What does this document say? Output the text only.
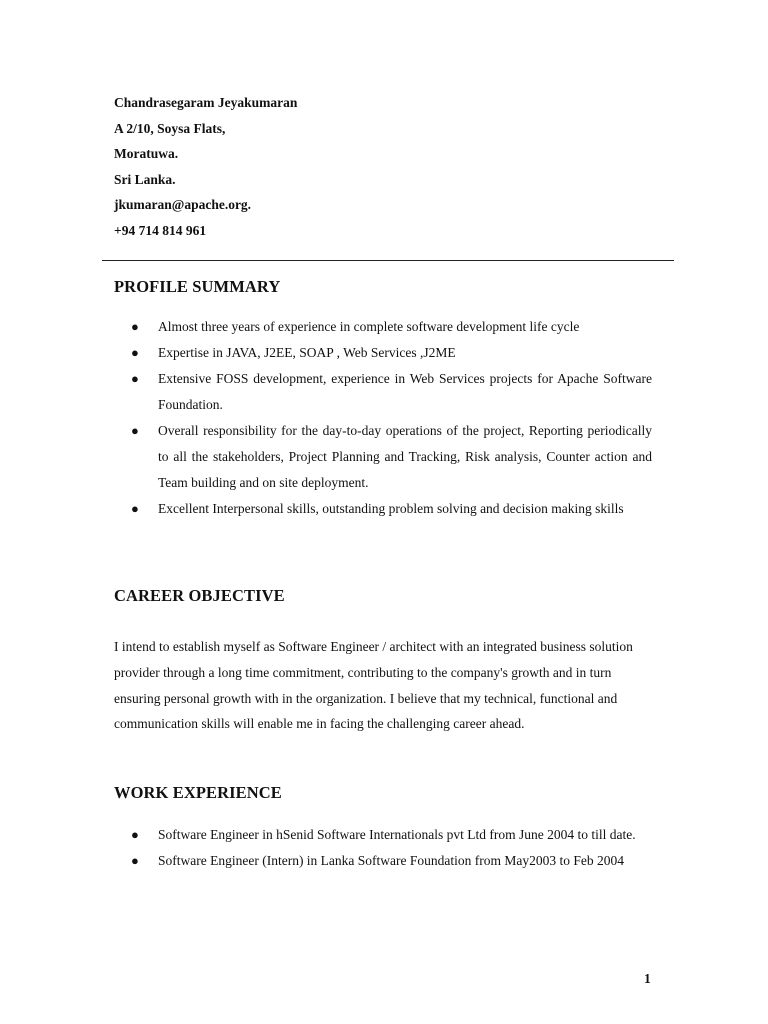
Chandrasegaram Jeyakumaran
A 2/10, Soysa Flats,
Moratuwa.
Sri Lanka.
jkumaran@apache.org.
+94 714 814 961
PROFILE SUMMARY
● Almost three years of experience in complete software development life cycle
● Expertise in JAVA, J2EE, SOAP , Web Services ,J2ME
● Extensive FOSS development, experience in Web Services projects for Apache Software Foundation.
● Overall responsibility for the day-to-day operations of the project, Reporting periodically to all the stakeholders, Project Planning and Tracking, Risk analysis, Counter action and Team building and on site deployment.
● Excellent Interpersonal skills, outstanding problem solving and decision making skills
CAREER OBJECTIVE

I intend to establish myself as Software Engineer / architect with an integrated business solution provider through a long time commitment, contributing to the company's growth and in turn ensuring personal growth with in the organization. I believe that my technical, functional and communication skills will enable me in facing the challenging career ahead.

WORK EXPERIENCE
● Software Engineer in hSenid Software Internationals pvt Ltd from June 2004 to till date.
● Software Engineer (Intern) in Lanka Software Foundation from May2003 to Feb 2004
1
